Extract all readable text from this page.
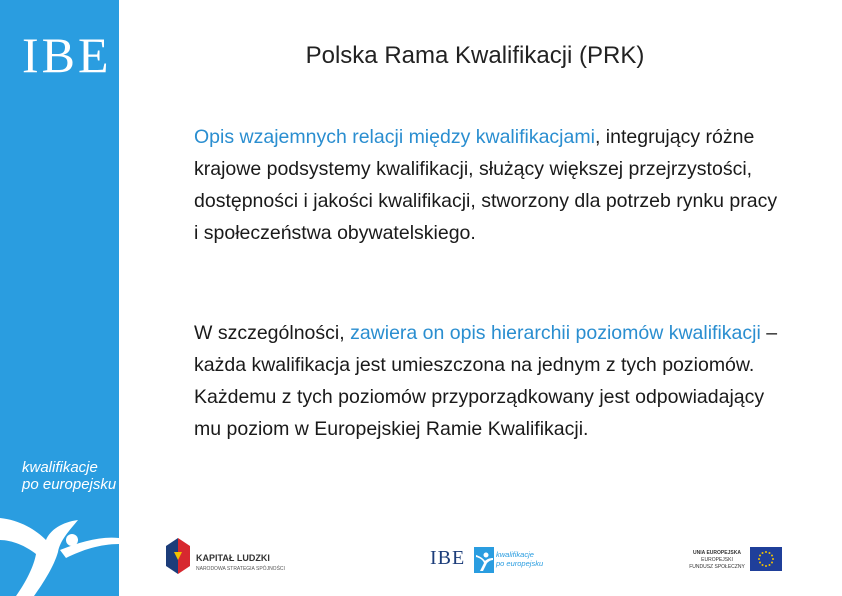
IBE
kwalifikacje
po europejsku
Polska Rama Kwalifikacji (PRK)

Opis wzajemnych relacji między kwalifikacjami, integrujący różne krajowe podsystemy kwalifikacji, służący większej przejrzystości, dostępności i jakości kwalifikacji, stworzony dla potrzeb rynku pracy i społeczeństwa obywatelskiego.

W szczególności, zawiera on opis hierarchii poziomów kwalifikacji – każda kwalifikacja jest umieszczona na jednym z tych poziomów. Każdemu z tych poziomów przyporządkowany jest odpowiadający mu poziom w Europejskiej Ramie Kwalifikacji.

KAPITAŁ LUDZKI
NARODOWA STRATEGIA SPÓJNOŚCI	IBE	kwalifikacje
po europejsku
UNIA EUROPEJSKA
EUROPEJSKI
FUNDUSZ SPOŁECZNY
